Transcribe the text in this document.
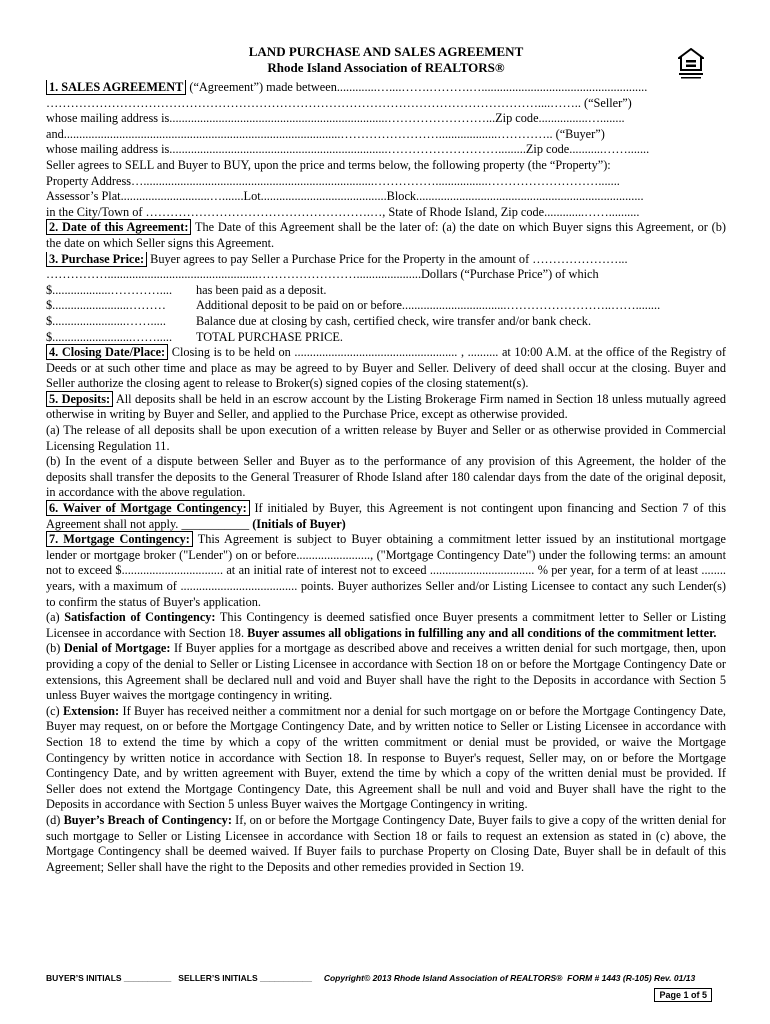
LAND PURCHASE AND SALES AGREEMENT
Rhode Island Association of REALTORS®
1. SALES AGREEMENT (“Agreement”) made between.............…....…….……….…......................................................
…………………………………………………………………………………………………………....…….. (“Seller”)
whose mailing address is.......................................................................……………………...Zip code................…........
and..........................................................................................……………………...................………….. (“Buyer”)
whose mailing address is.......................................................................……………………….........Zip code...........…….......
Seller agrees to SELL and Buyer to BUY, upon the price and terms below, the following property (the “Property”):
Property Address…...........................................................................…………….................……………………….......
Assessor’s Plat.............................….......Lot.........................................Block..........................................................................
in the City/Town of ……………………………………………….…, State of Rhode Island, Zip code.............……..........
2. Date of this Agreement: The Date of this Agreement shall be the later of: (a) the date on which Buyer signs this Agreement, or (b) the date on which Seller signs this Agreement.
3. Purchase Price: Buyer agrees to pay Seller a Purchase Price for the Property in the amount of …………………...
…………….................................................…………………….....................Dollars (“Purchase Price”) of which
$...................………….... has been paid as a deposit.
$.........................……… Additional deposit to be paid on or before..................................……………………..……........
$........................……..... Balance due at closing by cash, certified check, wire transfer and/or bank check.
$..........................……..... TOTAL PURCHASE PRICE.
4. Closing Date/Place: Closing is to be held on ..................................................... , .......... at 10:00 A.M. at the office of the Registry of Deeds or at such other time and place as may be agreed to by Buyer and Seller. Delivery of deed shall occur at the closing. Buyer and Seller authorize the closing agent to release to Broker(s) signed copies of the closing statement(s).
5. Deposits: All deposits shall be held in an escrow account by the Listing Brokerage Firm named in Section 18 unless mutually agreed otherwise in writing by Buyer and Seller, and applied to the Purchase Price, except as otherwise provided.
(a) The release of all deposits shall be upon execution of a written release by Buyer and Seller or as otherwise provided in Commercial Licensing Regulation 11.
(b) In the event of a dispute between Seller and Buyer as to the performance of any provision of this Agreement, the holder of the deposits shall transfer the deposits to the General Treasurer of Rhode Island after 180 calendar days from the date of the original deposit, in accordance with the above regulation.
6. Waiver of Mortgage Contingency: If initialed by Buyer, this Agreement is not contingent upon financing and Section 7 of this Agreement shall not apply. ___________ (Initials of Buyer)
7. Mortgage Contingency: This Agreement is subject to Buyer obtaining a commitment letter issued by an institutional mortgage lender or mortgage broker ("Lender") on or before........................, ("Mortgage Contingency Date") under the following terms: an amount not to exceed $................................. at an initial rate of interest not to exceed .................................. % per year, for a term of at least ........ years, with a maximum of ...................................... points. Buyer authorizes Seller and/or Listing Licensee to contact any such Lender(s) to confirm the status of Buyer's application.
(a) Satisfaction of Contingency: This Contingency is deemed satisfied once Buyer presents a commitment letter to Seller or Listing Licensee in accordance with Section 18. Buyer assumes all obligations in fulfilling any and all conditions of the commitment letter.
(b) Denial of Mortgage: If Buyer applies for a mortgage as described above and receives a written denial for such mortgage, then, upon providing a copy of the denial to Seller or Listing Licensee in accordance with Section 18 on or before the Mortgage Contingency Date or extensions, this Agreement shall be declared null and void and Buyer shall have the right to the Deposits in accordance with Section 5 unless Buyer waives the mortgage contingency in writing.
(c) Extension: If Buyer has received neither a commitment nor a denial for such mortgage on or before the Mortgage Contingency Date, Buyer may request, on or before the Mortgage Contingency Date, and by written notice to Seller or Listing Licensee in accordance with Section 18 to extend the time by which a copy of the written commitment or denial must be provided, or waive the Mortgage Contingency by written notice in accordance with Section 18. In response to Buyer's request, Seller may, on or before the Mortgage Contingency Date, and by written agreement with Buyer, extend the time by which a copy of the written denial must be provided. If Seller does not extend the Mortgage Contingency Date, this Agreement shall be null and void and Buyer shall have the right to the Deposits in accordance with Section 5 unless Buyer waives the Mortgage Contingency in writing.
(d) Buyer’s Breach of Contingency: If, on or before the Mortgage Contingency Date, Buyer fails to give a copy of the written denial for such mortgage to Seller or Listing Licensee in accordance with Section 18 or fails to request an extension as stated in (c) above, the Mortgage Contingency shall be deemed waived. If Buyer fails to purchase Property on Closing Date, Buyer shall be in default of this Agreement; Seller shall have the right to the Deposits and other remedies provided in Section 19.
BUYER’S INITIALS __________ SELLER’S INITIALS ___________ Copyright© 2013 Rhode Island Association of REALTORS® FORM # 1443 (R-105) Rev. 01/13
Page 1 of 5
